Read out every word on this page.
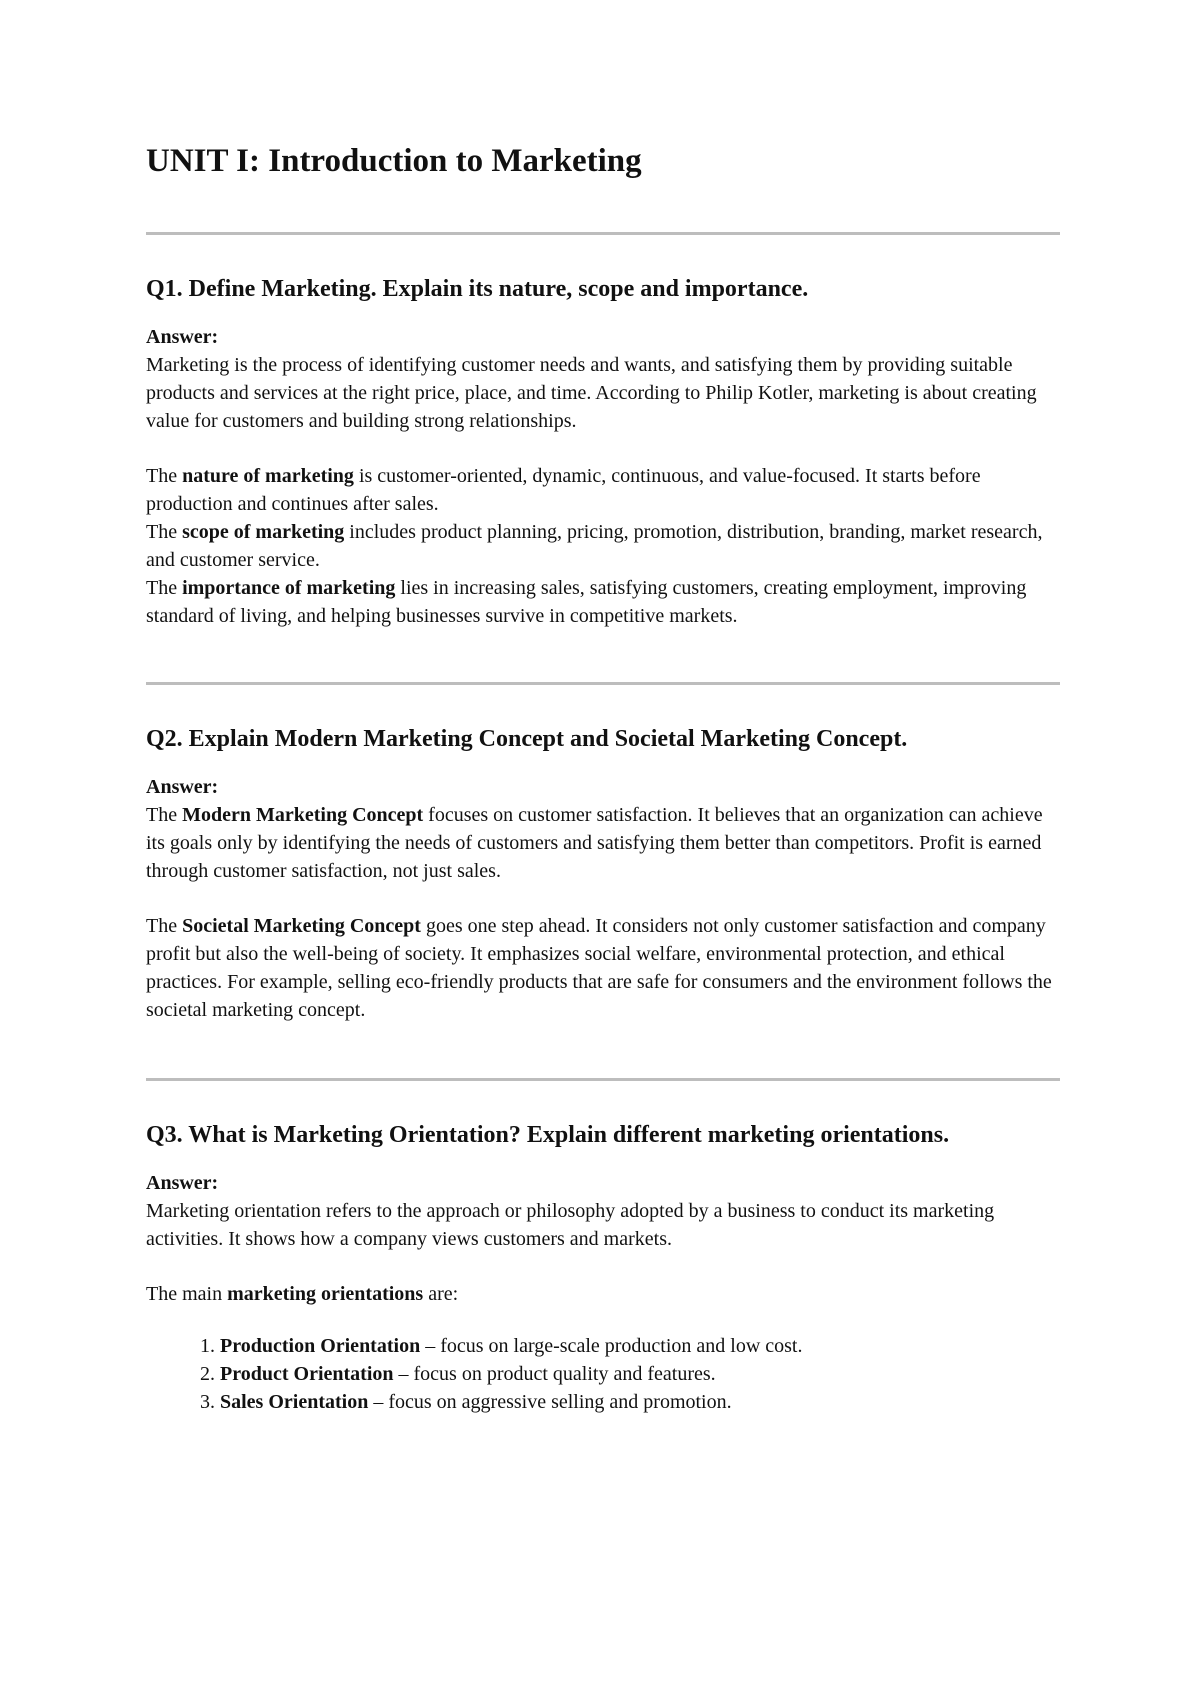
UNIT I: Introduction to Marketing
Q1. Define Marketing. Explain its nature, scope and importance.
Answer:

Marketing is the process of identifying customer needs and wants, and satisfying them by providing suitable products and services at the right price, place, and time. According to Philip Kotler, marketing is about creating value for customers and building strong relationships.

The nature of marketing is customer-oriented, dynamic, continuous, and value-focused. It starts before production and continues after sales.

The scope of marketing includes product planning, pricing, promotion, distribution, branding, market research, and customer service.

The importance of marketing lies in increasing sales, satisfying customers, creating employment, improving standard of living, and helping businesses survive in competitive markets.

Q2. Explain Modern Marketing Concept and Societal Marketing Concept.
Answer:

The Modern Marketing Concept focuses on customer satisfaction. It believes that an organization can achieve its goals only by identifying the needs of customers and satisfying them better than competitors. Profit is earned through customer satisfaction, not just sales.

The Societal Marketing Concept goes one step ahead. It considers not only customer satisfaction and company profit but also the well-being of society. It emphasizes social welfare, environmental protection, and ethical practices. For example, selling eco-friendly products that are safe for consumers and the environment follows the societal marketing concept.

Q3. What is Marketing Orientation? Explain different marketing orientations.
Answer:

Marketing orientation refers to the approach or philosophy adopted by a business to conduct its marketing activities. It shows how a company views customers and markets.

The main marketing orientations are:

1. Production Orientation – focus on large-scale production and low cost.
2. Product Orientation – focus on product quality and features.
3. Sales Orientation – focus on aggressive selling and promotion.
